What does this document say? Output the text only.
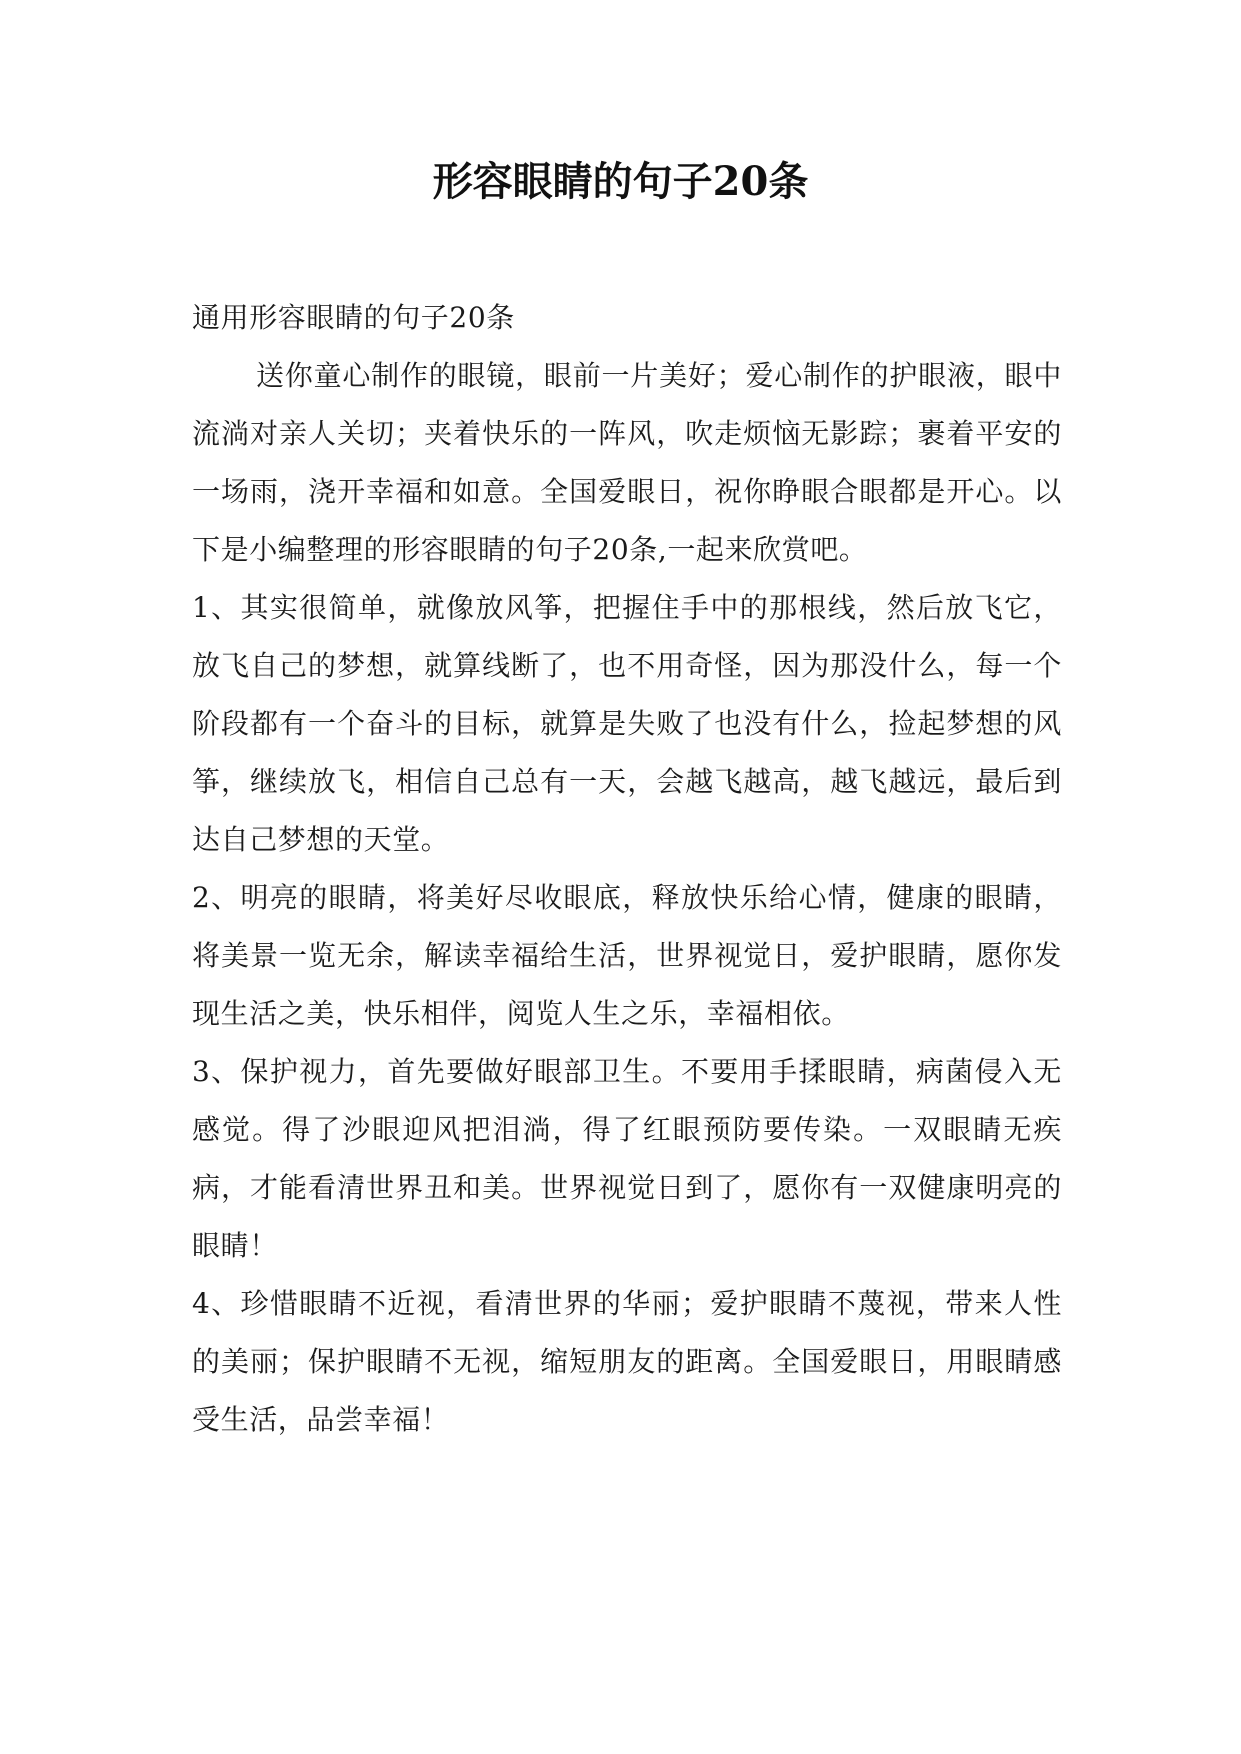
形容眼睛的句子20条

通用形容眼睛的句子20条

送你童心制作的眼镜，眼前一片美好；爱心制作的护眼液，眼中流淌对亲人关切；夹着快乐的一阵风，吹走烦恼无影踪；裹着平安的一场雨，浇开幸福和如意。全国爱眼日，祝你睁眼合眼都是开心。以下是小编整理的形容眼睛的句子20条,一起来欣赏吧。

1、其实很简单，就像放风筝，把握住手中的那根线，然后放飞它，放飞自己的梦想，就算线断了，也不用奇怪，因为那没什么，每一个阶段都有一个奋斗的目标，就算是失败了也没有什么，捡起梦想的风筝，继续放飞，相信自己总有一天，会越飞越高，越飞越远，最后到达自己梦想的天堂。

2、明亮的眼睛，将美好尽收眼底，释放快乐给心情，健康的眼睛，将美景一览无余，解读幸福给生活，世界视觉日，爱护眼睛，愿你发现生活之美，快乐相伴，阅览人生之乐，幸福相依。

3、保护视力，首先要做好眼部卫生。不要用手揉眼睛，病菌侵入无感觉。得了沙眼迎风把泪淌，得了红眼预防要传染。一双眼睛无疾病，才能看清世界丑和美。世界视觉日到了，愿你有一双健康明亮的眼睛！

4、珍惜眼睛不近视，看清世界的华丽；爱护眼睛不蔑视，带来人性的美丽；保护眼睛不无视，缩短朋友的距离。全国爱眼日，用眼睛感受生活，品尝幸福！
